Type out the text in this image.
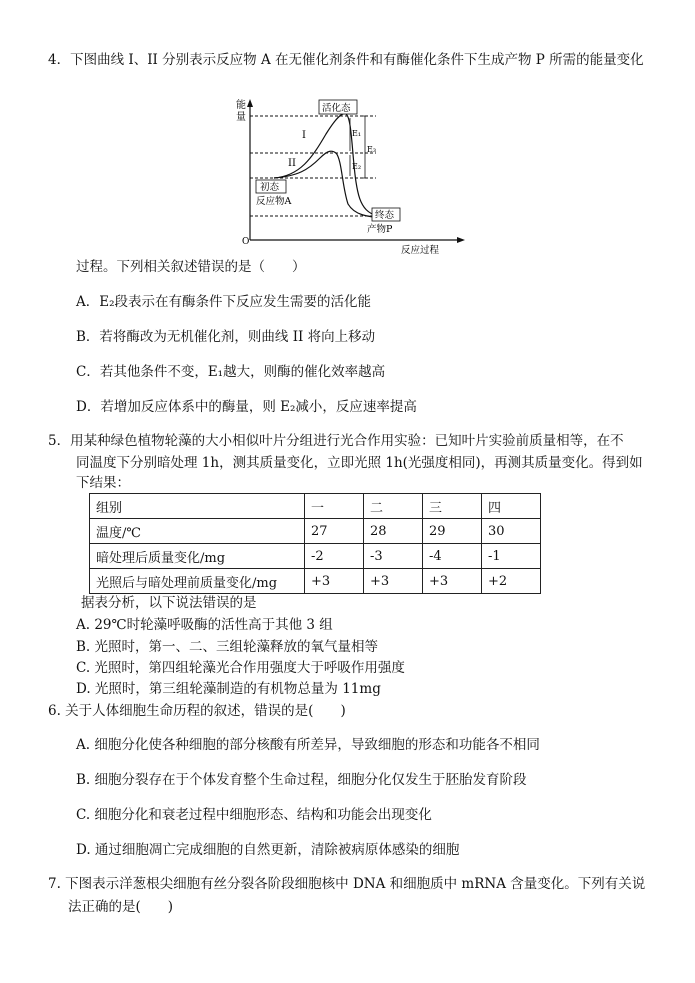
4．下图曲线 I、II 分别表示反应物 A 在无催化剂条件和有酶催化条件下生成产物 P 所需的能量变化
能
量
O
反应过程
I
II
E₁
E₂
E₃
活化态
初态
反应物A
终态
产物P
过程。下列相关叙述错误的是（　　）
A．E₂段表示在有酶条件下反应发生需要的活化能
B．若将酶改为无机催化剂，则曲线 II 将向上移动
C．若其他条件不变，E₁越大，则酶的催化效率越高
D．若增加反应体系中的酶量，则 E₂减小，反应速率提高
5．用某种绿色植物轮藻的大小相似叶片分组进行光合作用实验：已知叶片实验前质量相等，在不
同温度下分别暗处理 1h，测其质量变化，立即光照 1h(光强度相同)，再测其质量变化。得到如
下结果：
组别	一	二	三	四
温度/℃	27	28	29	30
暗处理后质量变化/mg	-2	-3	-4	-1
光照后与暗处理前质量变化/mg	+3	+3	+3	+2
据表分析，以下说法错误的是
A. 29℃时轮藻呼吸酶的活性高于其他 3 组
B. 光照时，第一、二、三组轮藻释放的氧气量相等
C. 光照时，第四组轮藻光合作用强度大于呼吸作用强度
D. 光照时，第三组轮藻制造的有机物总量为 11mg
6. 关于人体细胞生命历程的叙述，错误的是(　　)
A. 细胞分化使各种细胞的部分核酸有所差异，导致细胞的形态和功能各不相同
B. 细胞分裂存在于个体发育整个生命过程，细胞分化仅发生于胚胎发育阶段
C. 细胞分化和衰老过程中细胞形态、结构和功能会出现变化
D. 通过细胞凋亡完成细胞的自然更新，清除被病原体感染的细胞
7. 下图表示洋葱根尖细胞有丝分裂各阶段细胞核中 DNA 和细胞质中 mRNA 含量变化。下列有关说
法正确的是(　　)
